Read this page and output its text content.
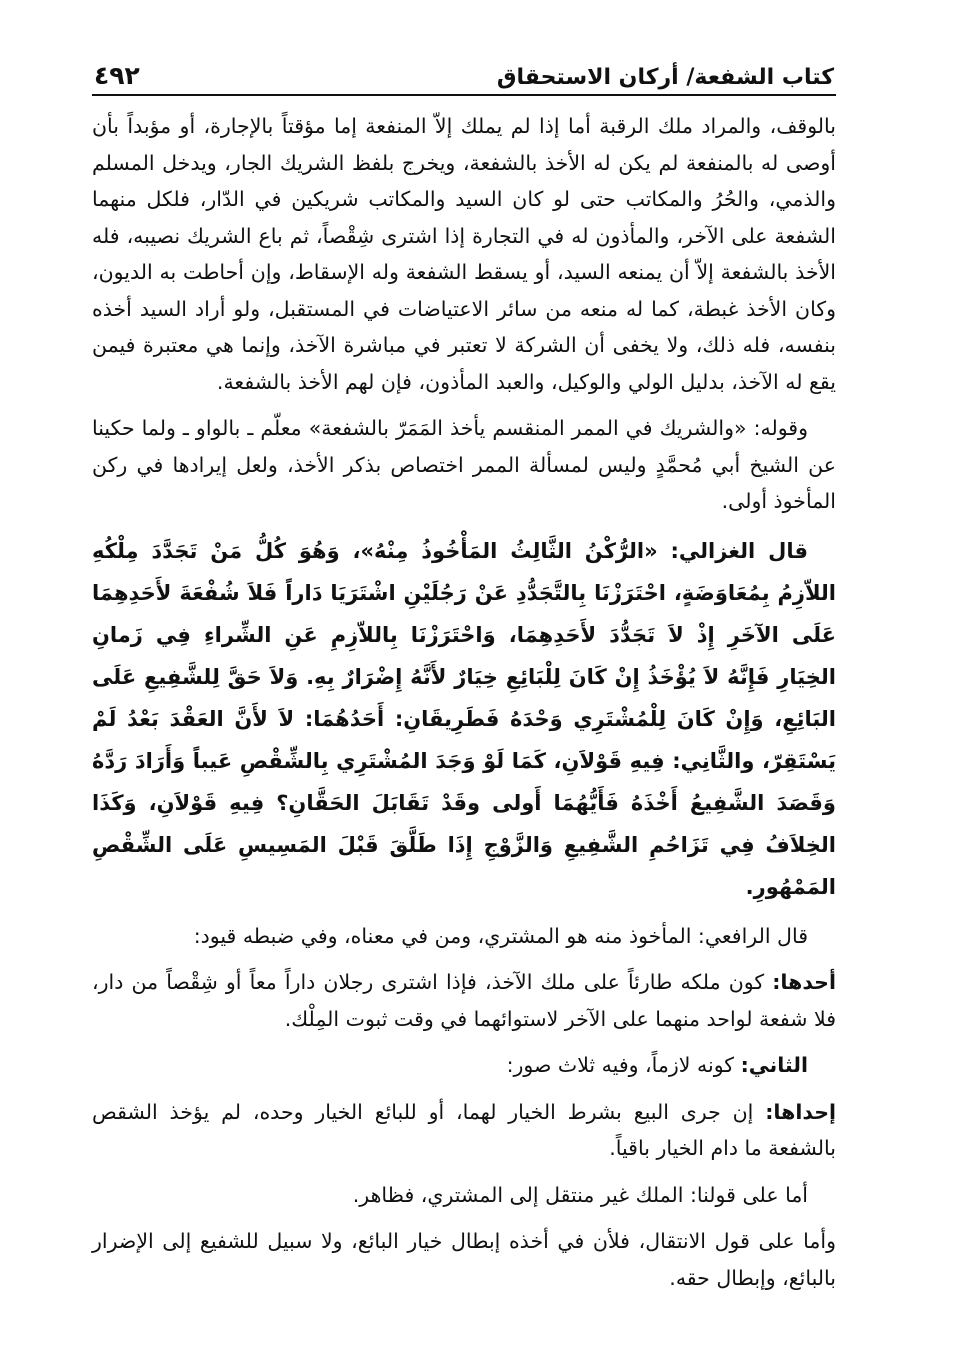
كتاب الشفعة/ أركان الاستحقاق
٤٩٢

بالوقف، والمراد ملك الرقبة أما إذا لم يملك إلاّ المنفعة إما مؤقتاً بالإجارة، أو مؤبداً بأن أوصى له بالمنفعة لم يكن له الأخذ بالشفعة، ويخرج بلفظ الشريك الجار، ويدخل المسلم والذمي، والحُرُ والمكاتب حتى لو كان السيد والمكاتب شريكين في الدّار، فلكل منهما الشفعة على الآخر، والمأذون له في التجارة إذا اشترى شِقْصاً، ثم باع الشريك نصيبه، فله الأخذ بالشفعة إلاّ أن يمنعه السيد، أو يسقط الشفعة وله الإسقاط، وإن أحاطت به الديون، وكان الأخذ غبطة، كما له منعه من سائر الاعتياضات في المستقبل، ولو أراد السيد أخذه بنفسه، فله ذلك، ولا يخفى أن الشركة لا تعتبر في مباشرة الآخذ، وإنما هي معتبرة فيمن يقع له الآخذ، بدليل الولي والوكيل، والعبد المأذون، فإن لهم الأخذ بالشفعة.

وقوله: «والشريك في الممر المنقسم يأخذ المَمَرّ بالشفعة» معلّم ـ بالواو ـ ولما حكينا عن الشيخ أبي مُحمَّدٍ وليس لمسألة الممر اختصاص بذكر الأخذ، ولعل إيرادها في ركن المأخوذ أولى.

قال الغزالي: «الرُّكْنُ الثَّالِثُ المَأْخُوذُ مِنْهُ»، وَهُوَ كُلُّ مَنْ تَجَدَّدَ مِلْكُهِ اللاّزِمُ بِمُعَاوَضَةٍ، احْتَرَزْنَا بِالتَّجَدُّدِ عَنْ رَجُلَيْنِ اشْتَرَيَا دَاراً فَلاَ شُفْعَةَ لأَحَدِهِمَا عَلَى الآخَرِ إِذْ لاَ تَجَدُّدَ لأَحَدِهِمَا، وَاحْتَرَزْنَا بِاللاّزِمِ عَنِ الشِّراءِ فِي زَمانِ الخِيَارِ فَإِنَّهُ لاَ يُؤْخَذُ إِنْ كَانَ لِلْبَائِعِ خِيَارٌ لأَنَّهُ إِضْرَارٌ بِهِ. وَلاَ حَقَّ لِلشَّفِيعِ عَلَى البَائِعِ، وَإِنْ كَانَ لِلْمُشْتَرِي وَحْدَهُ فَطَرِيقَانِ: أَحَدُهُمَا: لاَ لأَنَّ العَقْدَ بَعْدُ لَمْ يَسْتَقِرّ، والثَّانِي: فِيهِ قَوْلاَنِ، كَمَا لَوْ وَجَدَ المُشْتَرِي بِالشِّقْصِ عَيباً وَأَرَادَ رَدَّهُ وَقَصَدَ الشَّفِيعُ أَخْذَهُ فَأَيُّهُمَا أَولى وقَدْ تَقَابَلَ الحَقَّانِ؟ فِيهِ قَوْلاَنِ، وَكَذَا الخِلاَفُ فِي تَزَاحُمِ الشَّفِيعِ وَالزَّوْجِ إِذَا طَلَّقَ قَبْلَ المَسِيسِ عَلَى الشِّقْصِ المَمْهُورِ.

قال الرافعي: المأخوذ منه هو المشتري، ومن في معناه، وفي ضبطه قيود:

أحدها: كون ملكه طارئاً على ملك الآخذ، فإذا اشترى رجلان داراً معاً أو شِقْصاً من دار، فلا شفعة لواحد منهما على الآخر لاستوائهما في وقت ثبوت المِلْك.

الثاني: كونه لازماً، وفيه ثلاث صور:

إحداها: إن جرى البيع بشرط الخيار لهما، أو للبائع الخيار وحده، لم يؤخذ الشقص بالشفعة ما دام الخيار باقياً.

أما على قولنا: الملك غير منتقل إلى المشتري، فظاهر.

وأما على قول الانتقال، فلأن في أخذه إبطال خيار البائع، ولا سبيل للشفيع إلى الإضرار بالبائع، وإبطال حقه.
